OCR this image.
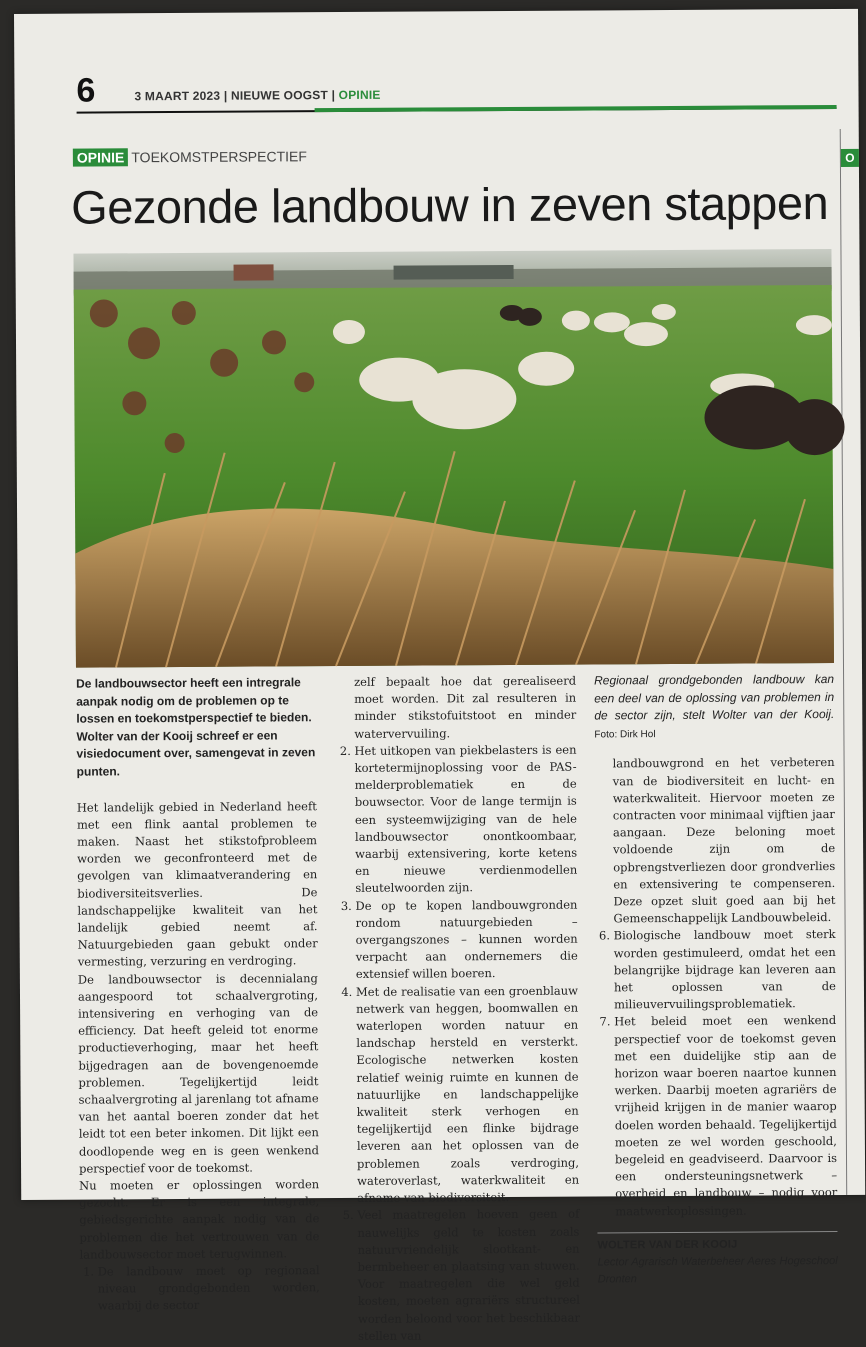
O
6	3 MAART 2023 | NIEUWE OOGST | OPINIE
OPINIE TOEKOMSTPERSPECTIEF
Gezonde landbouw in zeven stappen

De landbouwsector heeft een intregrale aanpak nodig om de problemen op te lossen en toekomstperspectief te bieden. Wolter van der Kooij schreef er een visiedocument over, samengevat in zeven punten.

Het landelijk gebied in Nederland heeft met een flink aantal problemen te maken. Naast het stikstofprobleem worden we geconfronteerd met de gevolgen van klimaatverandering en biodiversiteitsverlies. De landschappelijke kwaliteit van het landelijk gebied neemt af. Natuurgebieden gaan gebukt onder vermesting, verzuring en verdroging.

De landbouwsector is decennialang aangespoord tot schaalvergroting, intensivering en verhoging van de efficiency. Dat heeft geleid tot enorme productieverhoging, maar het heeft bijgedragen aan de bovengenoemde problemen. Tegelijkertijd leidt schaalvergroting al jarenlang tot afname van het aantal boeren zonder dat het leidt tot een beter inkomen. Dit lijkt een doodlopende weg en is geen wenkend perspectief voor de toekomst.

Nu moeten er oplossingen worden gezocht. Er is een integrale, gebiedsgerichte aanpak nodig van de problemen die het vertrouwen van de landbouwsector moet terugwinnen.

1. De landbouw moet op regionaal niveau grondgebonden worden, waarbij de sector

zelf bepaalt hoe dat gerealiseerd moet worden. Dit zal resulteren in minder stikstofuitstoot en minder watervervuiling.

2. Het uitkopen van piekbelasters is een kortetermijnoplossing voor de PAS-melderproblematiek en de bouwsector. Voor de lange termijn is een systeemwijziging van de hele landbouwsector onontkoombaar, waarbij extensivering, korte ketens en nieuwe verdienmodellen sleutelwoorden zijn.
3. De op te kopen landbouwgronden rondom natuurgebieden – overgangszones – kunnen worden verpacht aan ondernemers die extensief willen boeren.
4. Met de realisatie van een groenblauw netwerk van heggen, boomwallen en waterlopen worden natuur en landschap hersteld en versterkt. Ecologische netwerken kosten relatief weinig ruimte en kunnen de natuurlijke en landschappelijke kwaliteit sterk verhogen en tegelijkertijd een flinke bijdrage leveren aan het oplossen van de problemen zoals verdroging, wateroverlast, waterkwaliteit en afname van biodiversiteit.
5. Veel maatregelen hoeven geen of nauwelijks geld te kosten zoals natuurvriendelijk slootkant- en bermbeheer en plaatsing van stuwen. Voor maatregelen die wel geld kosten, moeten agrariërs structureel worden beloond voor het beschikbaar stellen van

Regionaal grondgebonden landbouw kan een deel van de oplossing van problemen in de sector zijn, stelt Wolter van der Kooij. Foto: Dirk Hol

landbouwgrond en het verbeteren van de biodiversiteit en lucht- en waterkwaliteit. Hiervoor moeten ze contracten voor minimaal vijftien jaar aangaan. Deze beloning moet voldoende zijn om de opbrengstverliezen door grondverlies en extensivering te compenseren. Deze opzet sluit goed aan bij het Gemeenschappelijk Landbouwbeleid.

6. Biologische landbouw moet sterk worden gestimuleerd, omdat het een belangrijke bijdrage kan leveren aan het oplossen van de milieuvervuilingsproblematiek.
7. Het beleid moet een wenkend perspectief voor de toekomst geven met een duidelijke stip aan de horizon waar boeren naartoe kunnen werken. Daarbij moeten agrariërs de vrijheid krijgen in de manier waarop doelen worden behaald. Tegelijkertijd moeten ze wel worden geschoold, begeleid en geadviseerd. Daarvoor is een ondersteuningsnetwerk – overheid en landbouw – nodig voor maatwerkoplossingen.
WOLTER VAN DER KOOIJ
Lector Agrarisch Waterbeheer Aeres Hogeschool Dronten
